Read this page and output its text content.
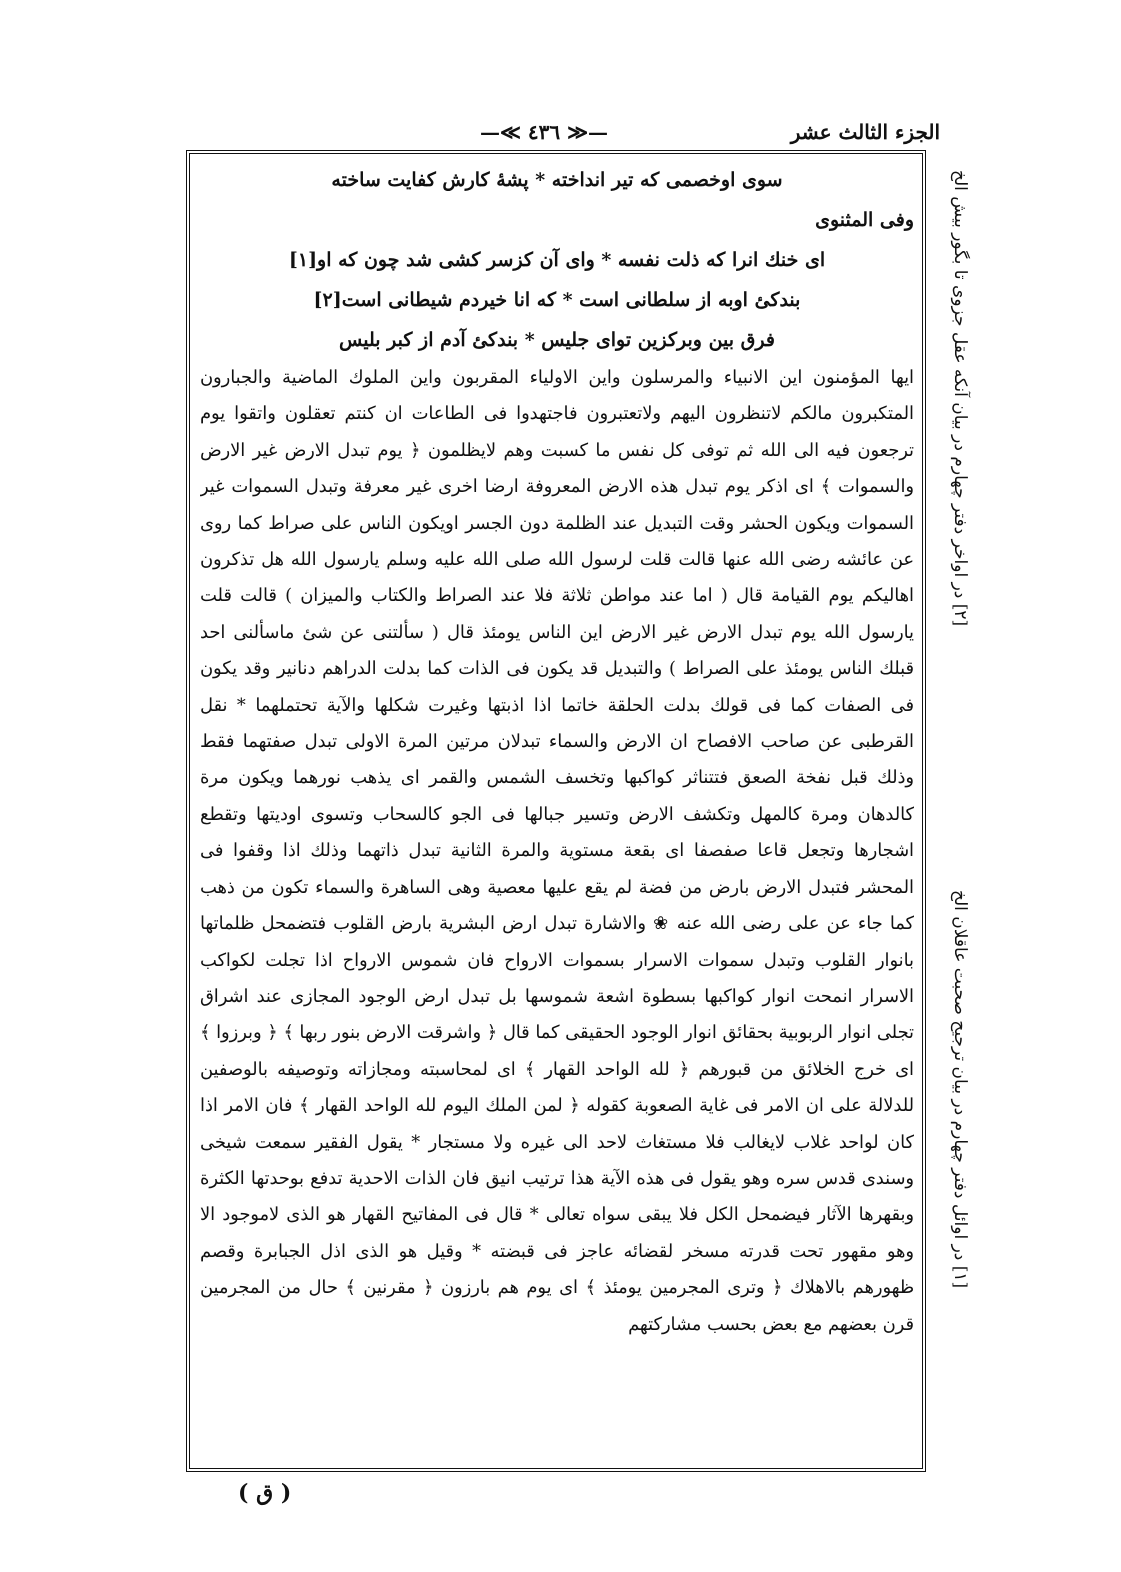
الجزء الثالث عشر
—≪ ٤٣٦ ≫—
سوى اوخصمى كه تير انداخته * پشهٔ كارش كفايت ساخته
وفى المثنوى
اى خنك انرا كه ذلت نفسه * واى آن كزسر كشى شد چون كه او[١]
بندكئ اوبه از سلطانى است * كه انا خيردم شيطانى است[٢]
فرق بين وبركزين تواى جليس * بندكئ آدم از كبر بليس

ايها المؤمنون اين الانبياء والمرسلون واين الاولياء المقربون واين الملوك الماضية والجبارون المتكبرون مالكم لاتنظرون اليهم ولاتعتبرون فاجتهدوا فى الطاعات ان كنتم تعقلون واتقوا يوم ترجعون فيه الى الله ثم توفى كل نفس ما كسبت وهم لايظلمون ﴿ يوم تبدل الارض غير الارض والسموات ﴾ اى اذكر يوم تبدل هذه الارض المعروفة ارضا اخرى غير معرفة وتبدل السموات غير السموات ويكون الحشر وقت التبديل عند الظلمة دون الجسر اويكون الناس على صراط كما روى عن عائشه رضى الله عنها قالت قلت لرسول الله صلى الله عليه وسلم يارسول الله هل تذكرون اهاليكم يوم القيامة قال ( اما عند مواطن ثلاثة فلا عند الصراط والكتاب والميزان ) قالت قلت يارسول الله يوم تبدل الارض غير الارض اين الناس يومئذ قال ( سألتنى عن شئ ماسألنى احد قبلك الناس يومئذ على الصراط ) والتبديل قد يكون فى الذات كما بدلت الدراهم دنانير وقد يكون فى الصفات كما فى قولك بدلت الحلقة خاتما اذا اذبتها وغيرت شكلها والآية تحتملهما * نقل القرطبى عن صاحب الافصاح ان الارض والسماء تبدلان مرتين المرة الاولى تبدل صفتهما فقط وذلك قبل نفخة الصعق فتتناثر كواكبها وتخسف الشمس والقمر اى يذهب نورهما ويكون مرة كالدهان ومرة كالمهل وتكشف الارض وتسير جبالها فى الجو كالسحاب وتسوى اوديتها وتقطع اشجارها وتجعل قاعا صفصفا اى بقعة مستوية والمرة الثانية تبدل ذاتهما وذلك اذا وقفوا فى المحشر فتبدل الارض بارض من فضة لم يقع عليها معصية وهى الساهرة والسماء تكون من ذهب كما جاء عن على رضى الله عنه ❀ والاشارة تبدل ارض البشرية بارض القلوب فتضمحل ظلماتها بانوار القلوب وتبدل سموات الاسرار بسموات الارواح فان شموس الارواح اذا تجلت لكواكب الاسرار انمحت انوار كواكبها بسطوة اشعة شموسها بل تبدل ارض الوجود المجازى عند اشراق تجلى انوار الربوبية بحقائق انوار الوجود الحقيقى كما قال ﴿ واشرقت الارض بنور ربها ﴾ ﴿ وبرزوا ﴾ اى خرج الخلائق من قبورهم ﴿ لله الواحد القهار ﴾ اى لمحاسبته ومجازاته وتوصيفه بالوصفين للدلالة على ان الامر فى غاية الصعوبة كقوله ﴿ لمن الملك اليوم لله الواحد القهار ﴾ فان الامر اذا كان لواحد غلاب لايغالب فلا مستغاث لاحد الى غيره ولا مستجار * يقول الفقير سمعت شيخى وسندى قدس سره وهو يقول فى هذه الآية هذا ترتيب انيق فان الذات الاحدية تدفع بوحدتها الكثرة وبقهرها الآثار فيضمحل الكل فلا يبقى سواه تعالى * قال فى المفاتيح القهار هو الذى لاموجود الا وهو مقهور تحت قدرته مسخر لقضائه عاجز فى قبضته * وقيل هو الذى اذل الجبابرة وقصم ظهورهم بالاهلاك ﴿ وترى المجرمين يومئذ ﴾ اى يوم هم بارزون ﴿ مقرنين ﴾ حال من المجرمين قرن بعضهم مع بعض بحسب مشاركتهم

[٢] در اواخر دفتر چهارم در بيان آنكه عقل جزوى تا بگور بيش الخ
[١] در اوائل دفتر چهارم در بيان ترجيح صحبت عاقلان الخ
( ق )
